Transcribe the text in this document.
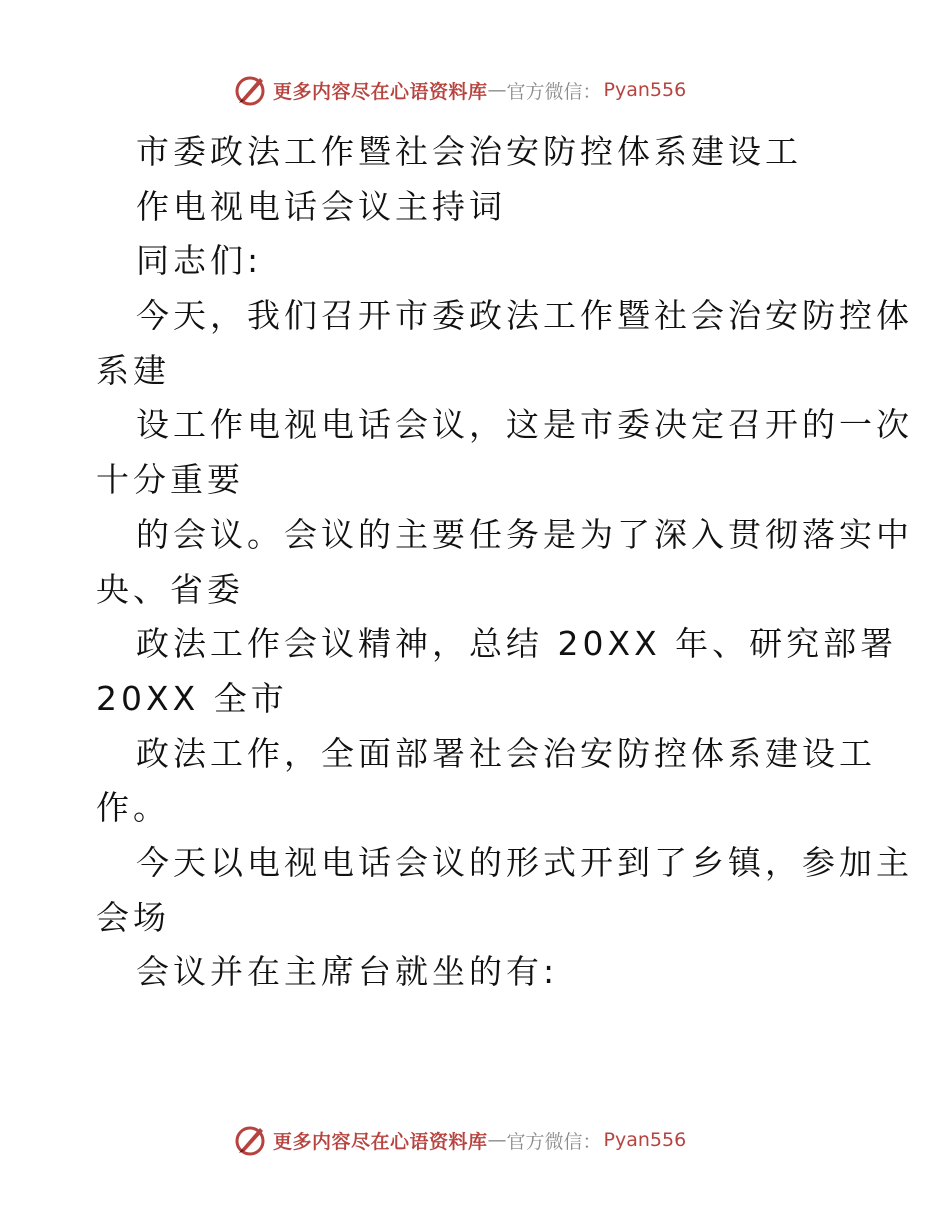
更多内容尽在心语资料库 — 官方微信： Pyan556
市委政法工作暨社会治安防控体系建设工
作电视电话会议主持词
同志们:
今天，我们召开市委政法工作暨社会治安防控体
系建
设工作电视电话会议，这是市委决定召开的一次
十分重要
的会议。会议的主要任务是为了深入贯彻落实中
央、省委
政法工作会议精神，总结 20XX 年、研究部署
20XX 全市
政法工作，全面部署社会治安防控体系建设工
作。
今天以电视电话会议的形式开到了乡镇，参加主
会场
会议并在主席台就坐的有:
更多内容尽在心语资料库 — 官方微信： Pyan556
